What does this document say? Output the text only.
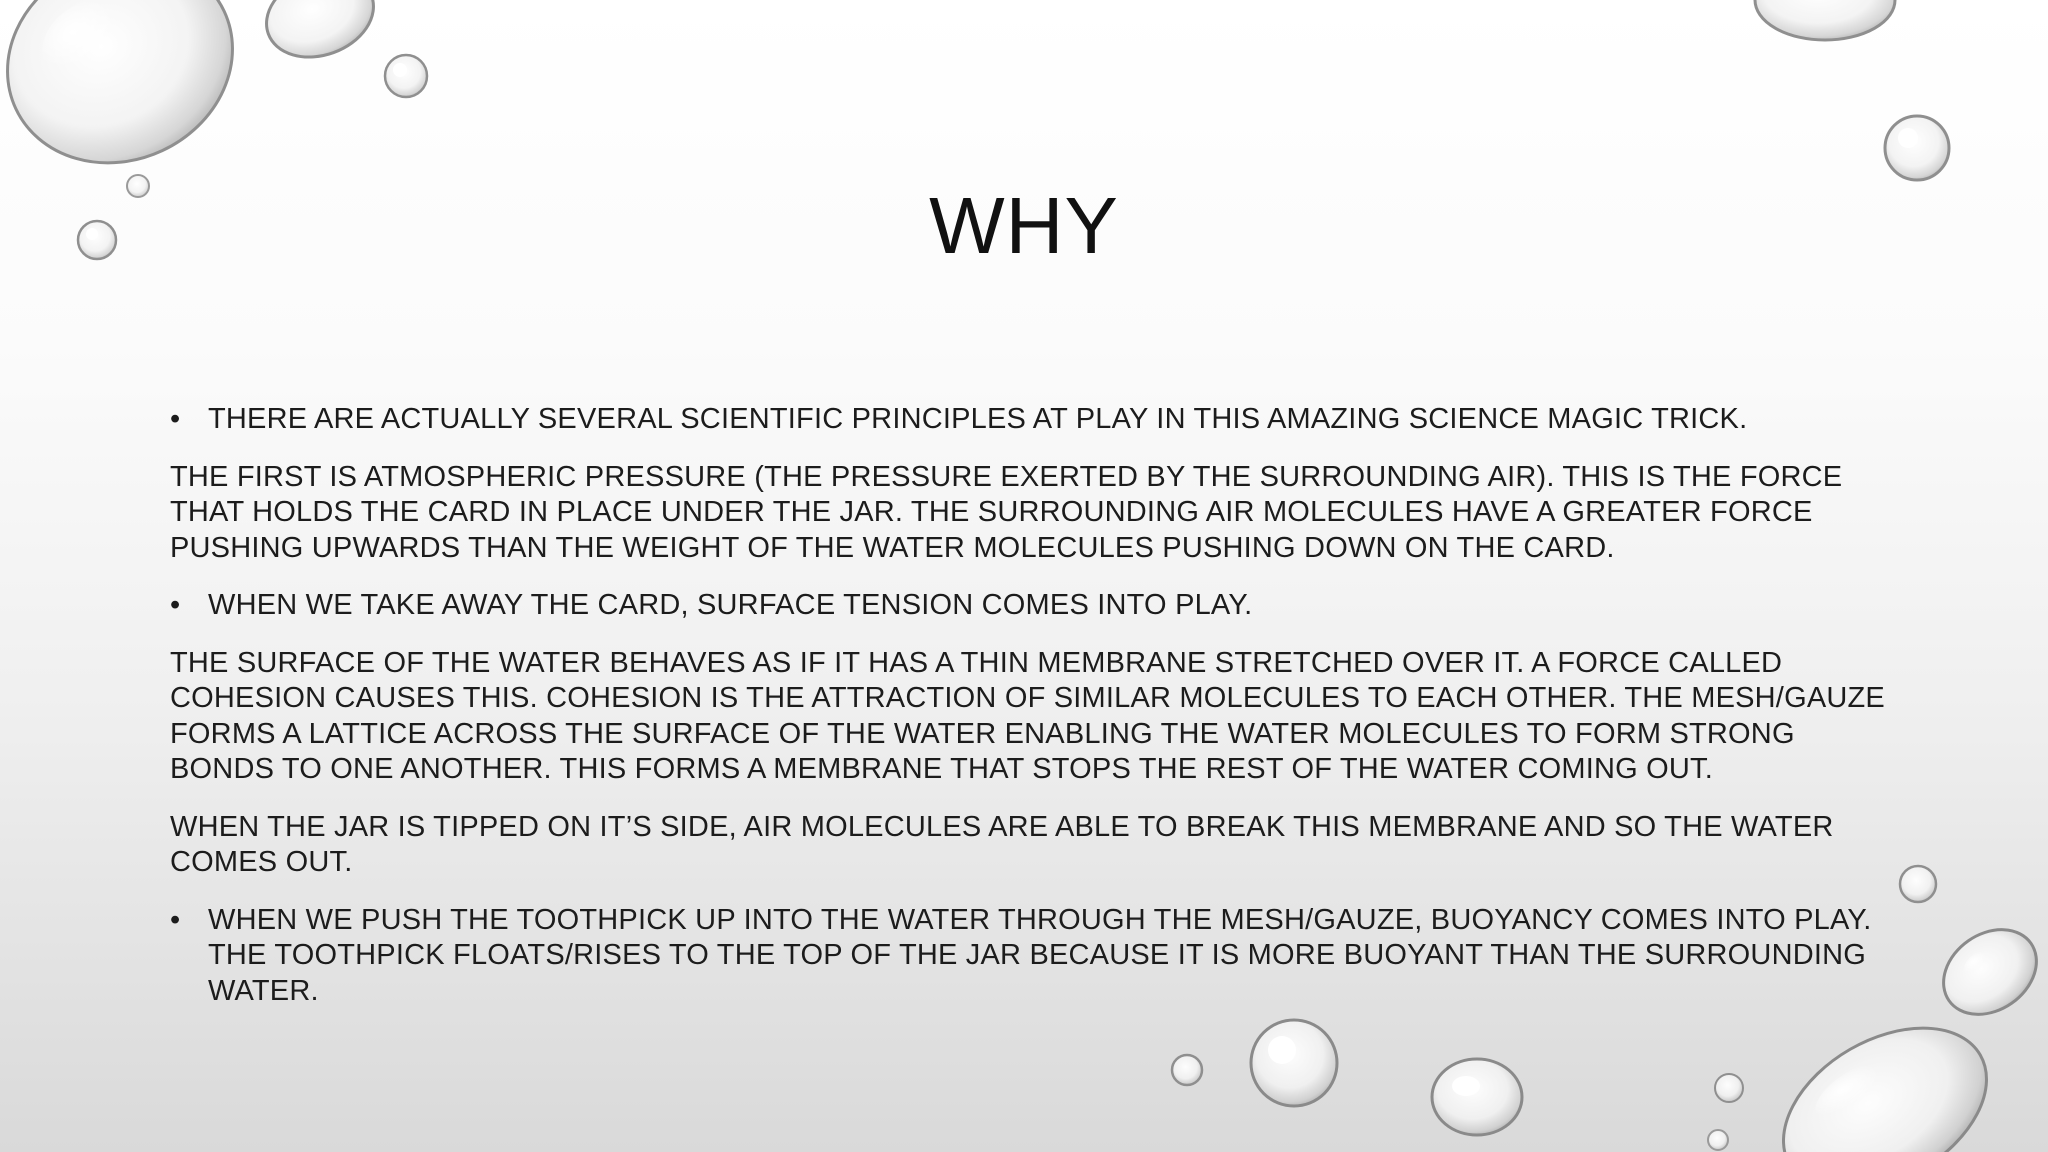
WHY

• THERE ARE ACTUALLY SEVERAL SCIENTIFIC PRINCIPLES AT PLAY IN THIS AMAZING SCIENCE MAGIC TRICK.

THE FIRST IS ATMOSPHERIC PRESSURE (THE PRESSURE EXERTED BY THE SURROUNDING AIR). THIS IS THE FORCE THAT HOLDS THE CARD IN PLACE UNDER THE JAR. THE SURROUNDING AIR MOLECULES HAVE A GREATER FORCE PUSHING UPWARDS THAN THE WEIGHT OF THE WATER MOLECULES PUSHING DOWN ON THE CARD.

• WHEN WE TAKE AWAY THE CARD, SURFACE TENSION COMES INTO PLAY.

THE SURFACE OF THE WATER BEHAVES AS IF IT HAS A THIN MEMBRANE STRETCHED OVER IT. A FORCE CALLED COHESION CAUSES THIS. COHESION IS THE ATTRACTION OF SIMILAR MOLECULES TO EACH OTHER. THE MESH/GAUZE FORMS A LATTICE ACROSS THE SURFACE OF THE WATER ENABLING THE WATER MOLECULES TO FORM STRONG BONDS TO ONE ANOTHER. THIS FORMS A MEMBRANE THAT STOPS THE REST OF THE WATER COMING OUT.

WHEN THE JAR IS TIPPED ON IT’S SIDE, AIR MOLECULES ARE ABLE TO BREAK THIS MEMBRANE AND SO THE WATER COMES OUT.

• WHEN WE PUSH THE TOOTHPICK UP INTO THE WATER THROUGH THE MESH/GAUZE, BUOYANCY COMES INTO PLAY. THE TOOTHPICK FLOATS/RISES TO THE TOP OF THE JAR BECAUSE IT IS MORE BUOYANT THAN THE SURROUNDING WATER.
